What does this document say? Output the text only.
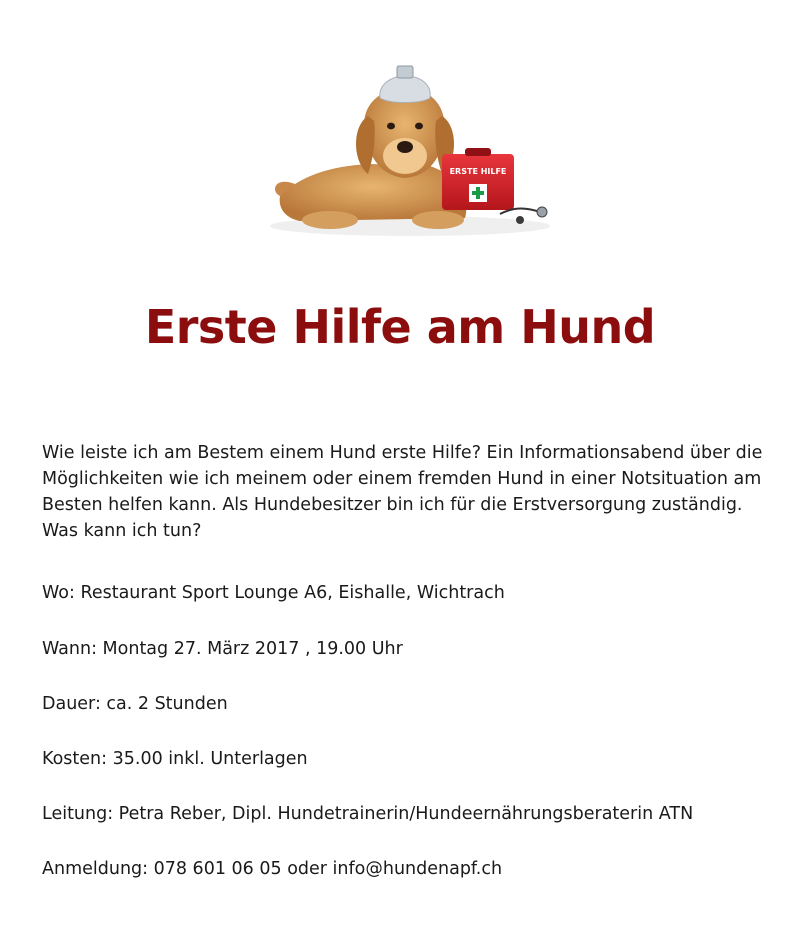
ERSTE HILFE
Erste Hilfe am Hund

Wie leiste ich am Bestem einem Hund erste Hilfe? Ein Informationsabend über die Möglichkeiten wie ich meinem oder einem fremden Hund in einer Notsituation am Besten helfen kann. Als Hundebesitzer bin ich für die Erstversorgung zuständig. Was kann ich tun?

Wo: Restaurant Sport Lounge A6, Eishalle, Wichtrach

Wann: Montag 27. März 2017 , 19.00 Uhr

Dauer: ca. 2 Stunden

Kosten: 35.00 inkl. Unterlagen

Leitung: Petra Reber, Dipl. Hundetrainerin/Hundeernährungsberaterin ATN

Anmeldung: 078 601 06 05 oder info@hundenapf.ch
